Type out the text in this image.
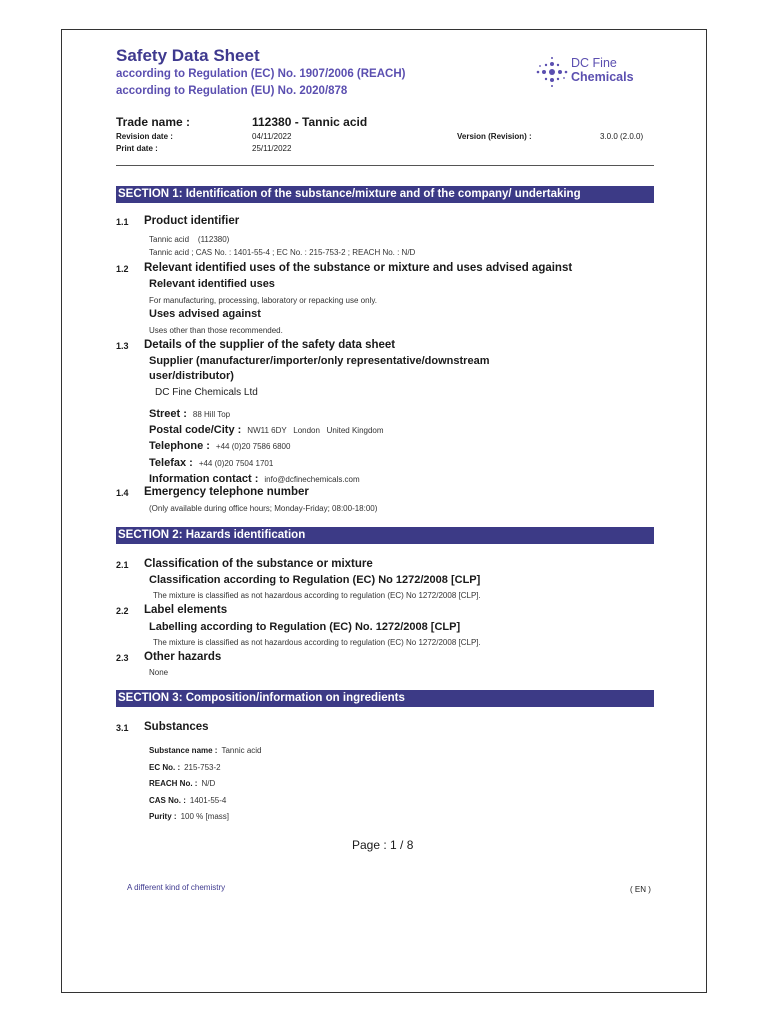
Safety Data Sheet
according to Regulation (EC) No. 1907/2006 (REACH)
according to Regulation (EU) No. 2020/878
DC Fine
Chemicals
Trade name :	112380 - Tannic acid
Revision date :	04/11/2022	Version (Revision) :	3.0.0 (2.0.0)
Print date :	25/11/2022
SECTION 1: Identification of the substance/mixture and of the company/ undertaking
1.1 Product identifier
Tannic acid    (112380)
Tannic acid ; CAS No. : 1401-55-4 ; EC No. : 215-753-2 ; REACH No. : N/D
1.2 Relevant identified uses of the substance or mixture and uses advised against
Relevant identified uses
For manufacturing, processing, laboratory or repacking use only.
Uses advised against
Uses other than those recommended.
1.3 Details of the supplier of the safety data sheet
Supplier (manufacturer/importer/only representative/downstream
user/distributor)
DC Fine Chemicals Ltd
Street : 88 Hill Top
Postal code/City : NW11 6DY   London   United Kingdom
Telephone : +44 (0)20 7586 6800
Telefax : +44 (0)20 7504 1701
Information contact : info@dcfinechemicals.com
1.4 Emergency telephone number
(Only available during office hours; Monday-Friday; 08:00-18:00)
SECTION 2: Hazards identification
2.1 Classification of the substance or mixture
Classification according to Regulation (EC) No 1272/2008 [CLP]
The mixture is classified as not hazardous according to regulation (EC) No 1272/2008 [CLP].
2.2 Label elements
Labelling according to Regulation (EC) No. 1272/2008 [CLP]
The mixture is classified as not hazardous according to regulation (EC) No 1272/2008 [CLP].
2.3 Other hazards
None
SECTION 3: Composition/information on ingredients
3.1 Substances
Substance name : Tannic acid
EC No. : 215-753-2
REACH No. : N/D
CAS No. : 1401-55-4
Purity : 100 % [mass]
Page : 1 / 8
A different kind of chemistry	( EN )
